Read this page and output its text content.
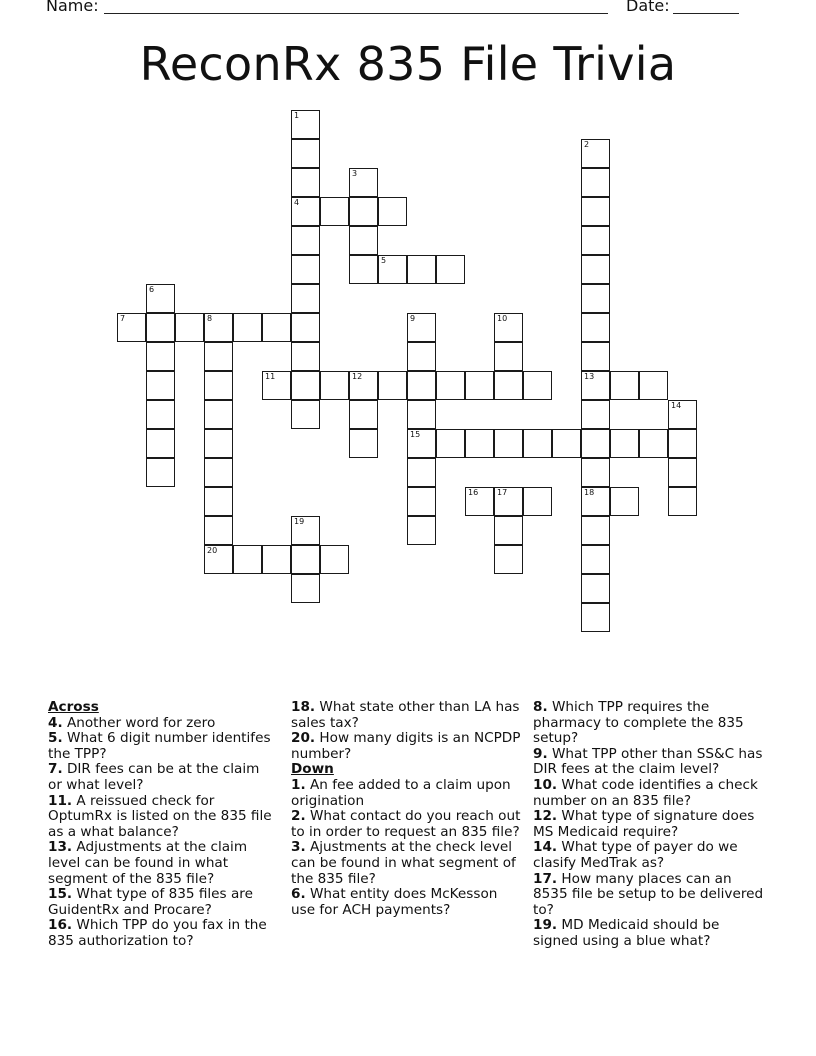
Name:	Date:
ReconRx 835 File Trivia
1
4
2
13
18
3
5
6
7	8
20
9
15
10
11	12
14
16 17
19
Across
4. Another word for zero
5. What 6 digit number identifes the TPP?
7. DIR fees can be at the claim or what level?
11. A reissued check for OptumRx is listed on the 835 file as a what balance?
13. Adjustments at the claim level can be found in what segment of the 835 file?
15. What type of 835 files are GuidentRx and Procare?
16. Which TPP do you fax in the 835 authorization to?
18. What state other than LA has sales tax?
20. How many digits is an NCPDP number?
Down
1. An fee added to a claim upon origination
2. What contact do you reach out to in order to request an 835 file?
3. Ajustments at the check level can be found in what segment of the 835 file?
6. What entity does McKesson use for ACH payments?
8. Which TPP requires the pharmacy to complete the 835 setup?
9. What TPP other than SS&C has DIR fees at the claim level?
10. What code identifies a check number on an 835 file?
12. What type of signature does MS Medicaid require?
14. What type of payer do we clasify MedTrak as?
17. How many places can an 8535 file be setup to be delivered to?
19. MD Medicaid should be signed using a blue what?
